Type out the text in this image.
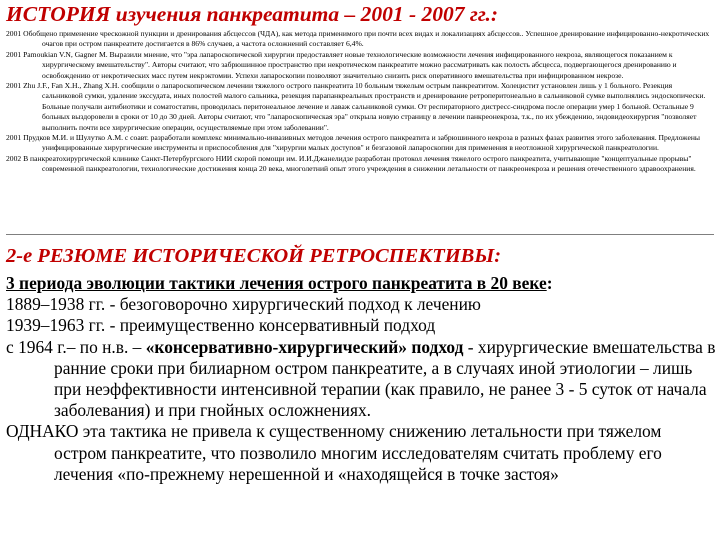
ИСТОРИЯ изучения панкреатита – 2001 - 2007 гг.:
2001 Обобщено применение чрескожной пункции и дренирования абсцессов (ЧДА), как метода применимого при почти всех видах и локализациях абсцессов.. Успешное дренирование инфицированно-некротических очагов при остром панкреатите достигается в 86% случаев, а частота осложнений составляет 6,4%.
2001 Pamoukian V.N, Gagner M. Выразили мнение, что "эра лапароскопической хирургии предоставляет новые технологические возможности лечения инфицированного некроза, являющегося показанием к хирургическому вмешательству". Авторы считают, что забрюшинное пространство при некротическом панкреатите можно рассматривать как полость абсцесса, подвергающегося дренированию и освобождению от некротических масс путем некрэктомии. Успехи лапароскопии позволяют значительно снизить риск оперативного вмешательства при инфицированном некрозе.
2001 Zhu J.F., Fan X.H., Zhang X.H. сообщили о лапароскопическом лечении тяжелого острого панкреатита 10 больным тяжелым острым панкреатитом. Холецистит установлен лишь у 1 больного. Резекция сальниковой сумки, удаление экссудата, иных полостей малого сальника, резекция парапанкреальных пространств и дренирование ретроперитонеально в сальниковой сумке выполнялись эндоскопически. Больные получали антибиотики и соматостатин, проводилась перитонеальное лечение и лаваж сальниковой сумки. От респираторного дистресс-синдрома после операции умер 1 больной. Остальные 9 больных выздоровели в сроки от 10 до 30 дней. Авторы считают, что "лапароскопическая эра" открыла новую страницу в лечении панкреонекроза, т.к., по их убеждению, эндовидеохирургия "позволяет выполнить почти все хирургические операции, осуществляемые при этом заболевании".
2001 Прудков М.И. и Шулутко А.М. с соавт. разработали комплекс минимально-инвазивных методов лечения острого панкреатита и забрюшинного некроза в разных фазах развития этого заболевания. Предложены унифицированные хирургические инструменты и приспособления для "хирургии малых доступов" и безгазовой лапароскопии для применения в неотложной хирургической панкреатологии.
2002 В панкреатохирургической клинике Санкт-Петербургского НИИ скорой помощи им. И.И.Джанелидзе разработан протокол лечения тяжелого острого панкреатита, учитывающие "концептуальные прорывы" современной панкреатологии, технологические достижения конца 20 века, многолетний опыт этого учреждения в снижении летальности от панкреонекроза и решения отечественного здравоохранения.
2-е РЕЗЮМЕ ИСТОРИЧЕСКОЙ РЕТРОСПЕКТИВЫ:

3 периода эволюции тактики лечения острого панкреатита в 20 веке:

1889–1938 гг. - безоговорочно хирургический подход к лечению

1939–1963 гг. - преимущественно консервативный подход

с 1964 г.– по н.в. – «консервативно-хирургический» подход - хирургические вмешательства в ранние сроки при билиарном остром панкреатите, а в случаях иной этиологии – лишь при неэффективности интенсивной терапии (как правило, не ранее 3 - 5 суток от начала заболевания) и при гнойных осложнениях.

ОДНАКО эта тактика не привела к существенному снижению летальности при тяжелом остром панкреатите, что позволило многим исследователям считать проблему его лечения «по-прежнему нерешенной и «находящейся в точке застоя»
